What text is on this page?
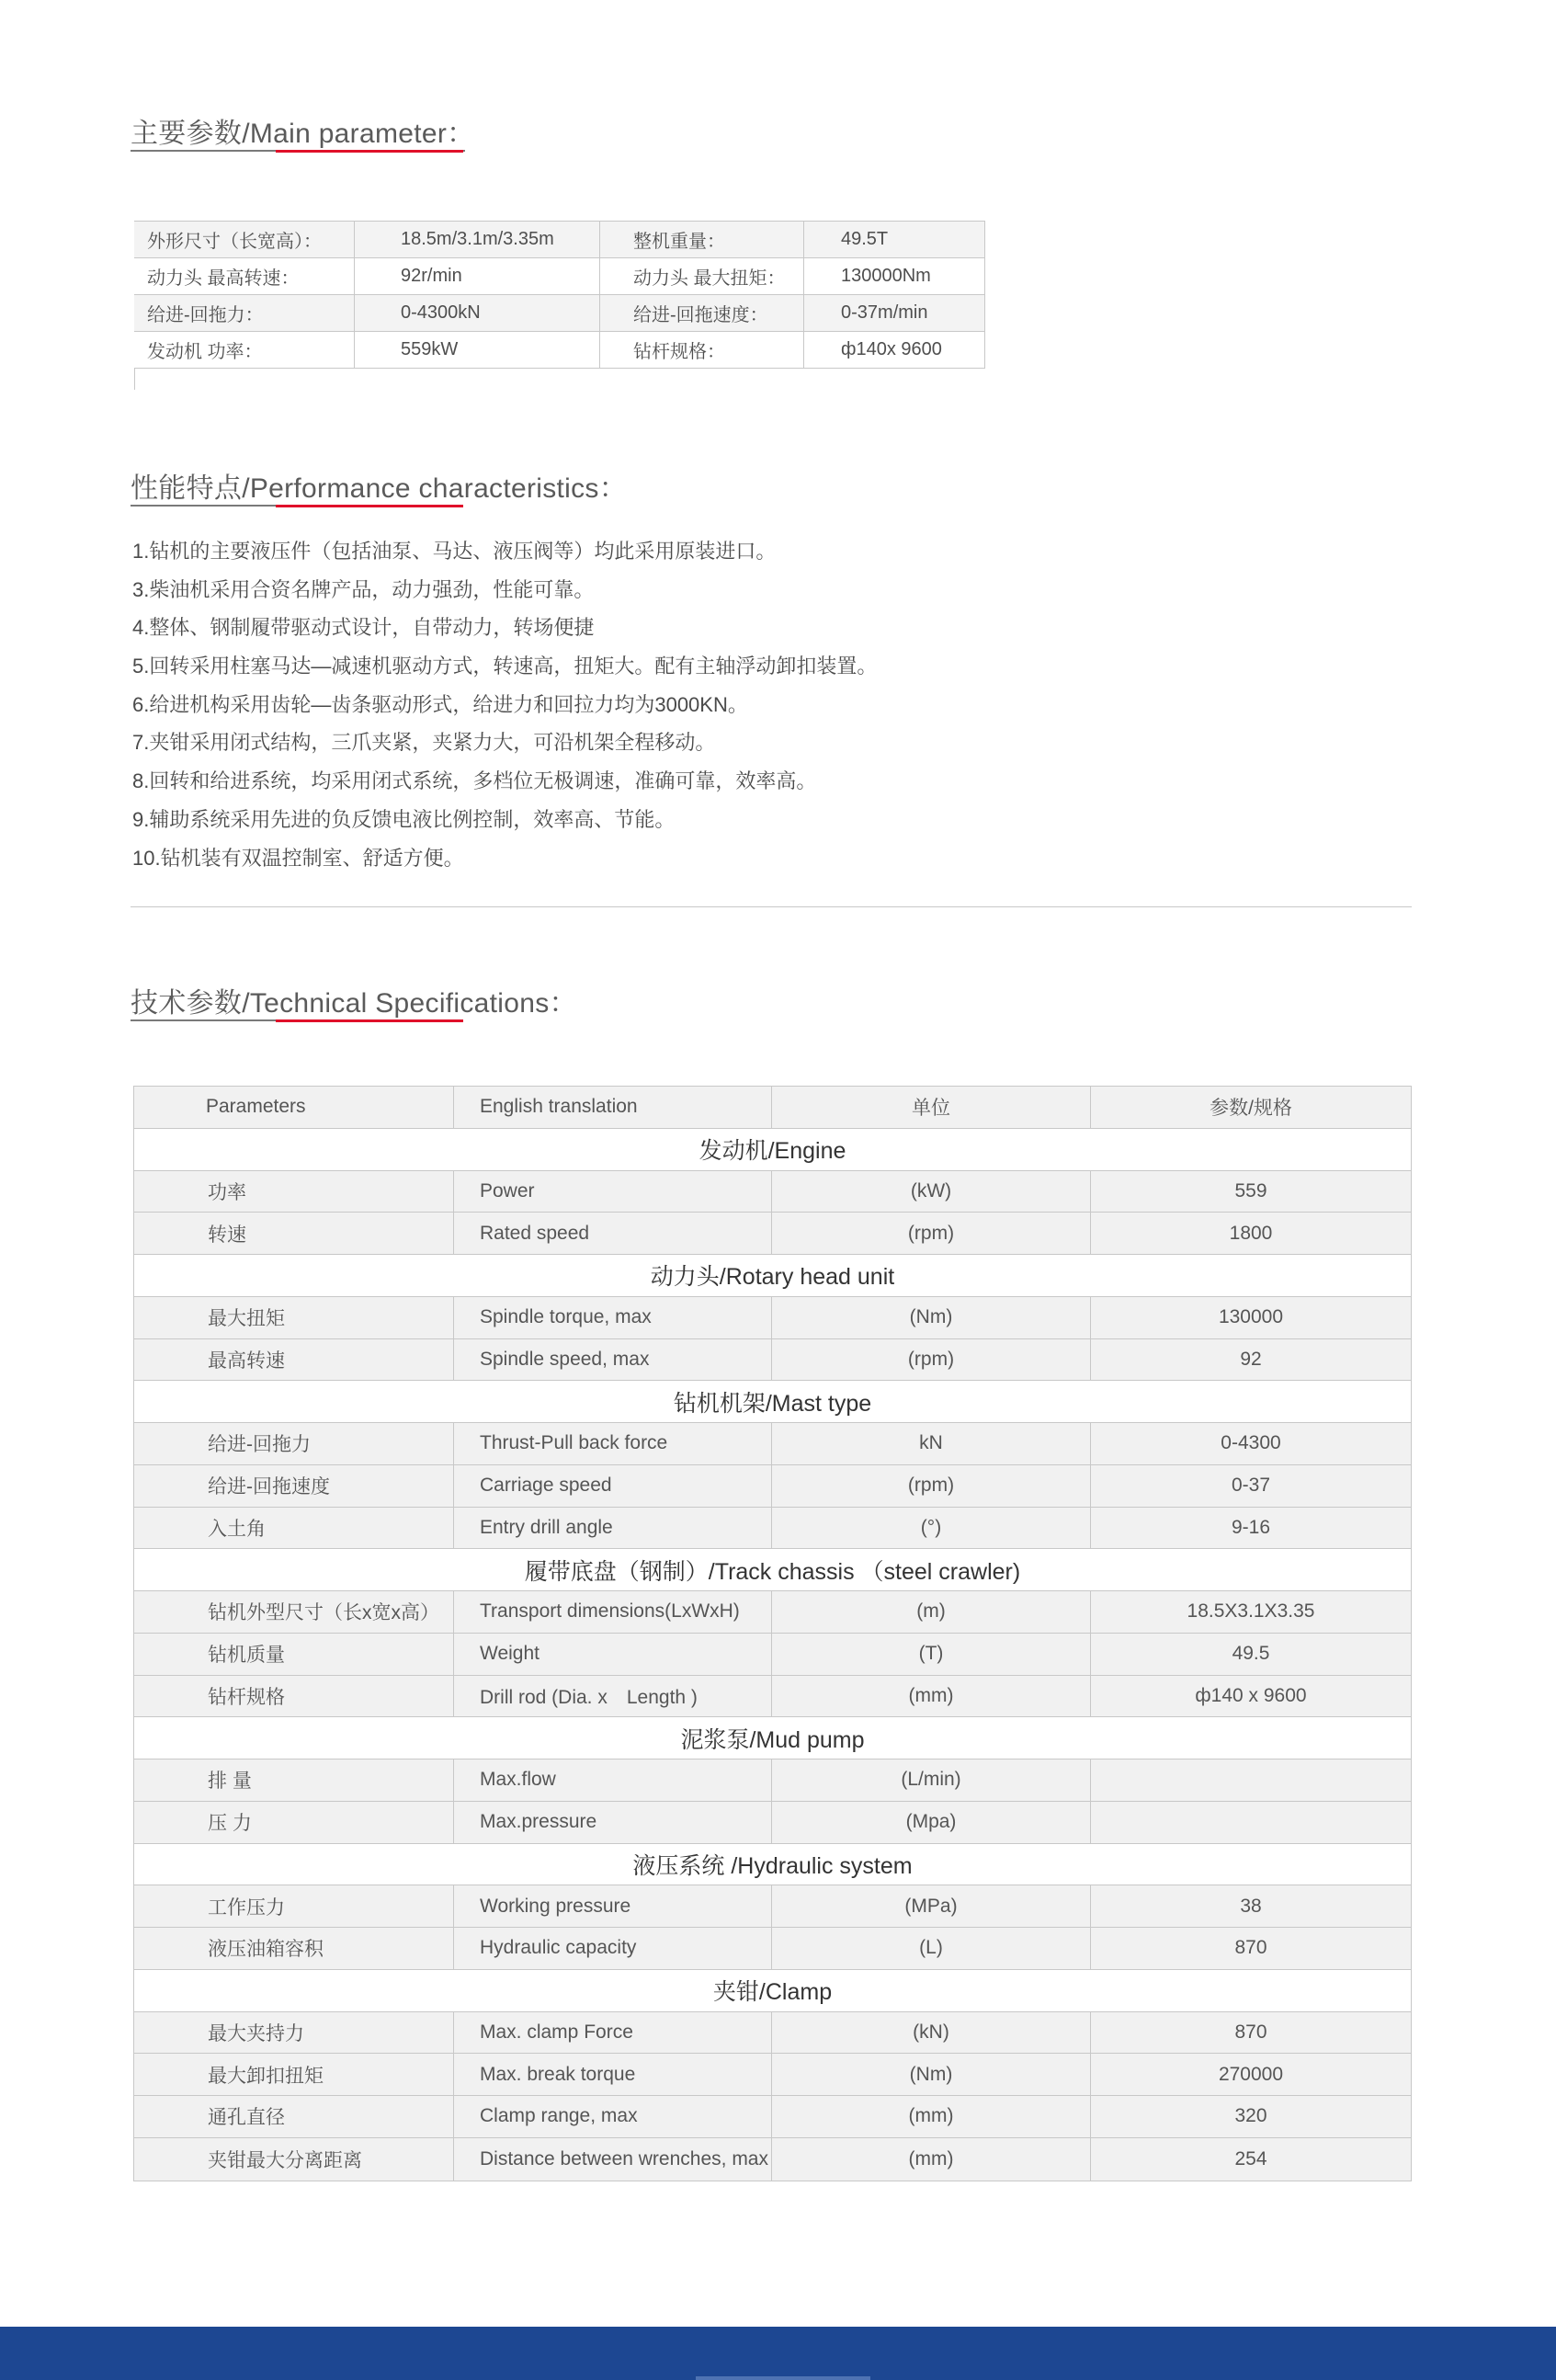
主要参数/Main parameter：
外形尺寸（长宽高）：	18.5m/3.1m/3.35m	整机重量：	49.5T
动力头 最高转速：	92r/min	动力头 最大扭矩：	130000Nm
给进-回拖力：	0-4300kN	给进-回拖速度：	0-37m/min
发动机 功率：	559kW	钻杆规格：	ф140x 9600
性能特点/Performance characteristics：
1.钻机的主要液压件（包括油泵、马达、液压阀等）均此采用原装进口。
3.柴油机采用合资名牌产品，动力强劲，性能可靠。
4.整体、钢制履带驱动式设计，自带动力，转场便捷
5.回转采用柱塞马达—减速机驱动方式，转速高，扭矩大。配有主轴浮动卸扣装置。
6.给进机构采用齿轮—齿条驱动形式，给进力和回拉力均为3000KN。
7.夹钳采用闭式结构，三爪夹紧，夹紧力大，可沿机架全程移动。
8.回转和给进系统，均采用闭式系统，多档位无极调速，准确可靠，效率高。
9.辅助系统采用先进的负反馈电液比例控制，效率高、节能。
10.钻机装有双温控制室、舒适方便。
技术参数/Technical Specifications：
Parameters	English translation	单位	参数/规格
发动机/Engine
功率	Power	(kW)	559
转速	Rated speed	(rpm)	1800
动力头/Rotary head unit
最大扭矩	Spindle torque, max	(Nm)	130000
最高转速	Spindle speed, max	(rpm)	92
钻机机架/Mast type
给进-回拖力	Thrust-Pull back force	kN	0-4300
给进-回拖速度	Carriage speed	(rpm)	0-37
入土角	Entry drill angle	(°)	9-16
履带底盘（钢制）/Track chassis （steel crawler)
钻机外型尺寸（长x宽x高）	Transport dimensions(LxWxH)	(m)	18.5X3.1X3.35
钻机质量	Weight	(T)	49.5
钻杆规格	Drill rod (Dia. x　Length )	(mm)	ф140 x 9600
泥浆泵/Mud pump
排 量	Max.flow	(L/min)
压 力	Max.pressure	(Mpa)
液压系统 /Hydraulic system
工作压力	Working pressure	(MPa)	38
液压油箱容积	Hydraulic capacity	(L)	870
夹钳/Clamp
最大夹持力	Max. clamp Force	(kN)	870
最大卸扣扭矩	Max. break torque	(Nm)	270000
通孔直径	Clamp range, max	(mm)	320
夹钳最大分离距离	Distance between wrenches, max	(mm)	254
